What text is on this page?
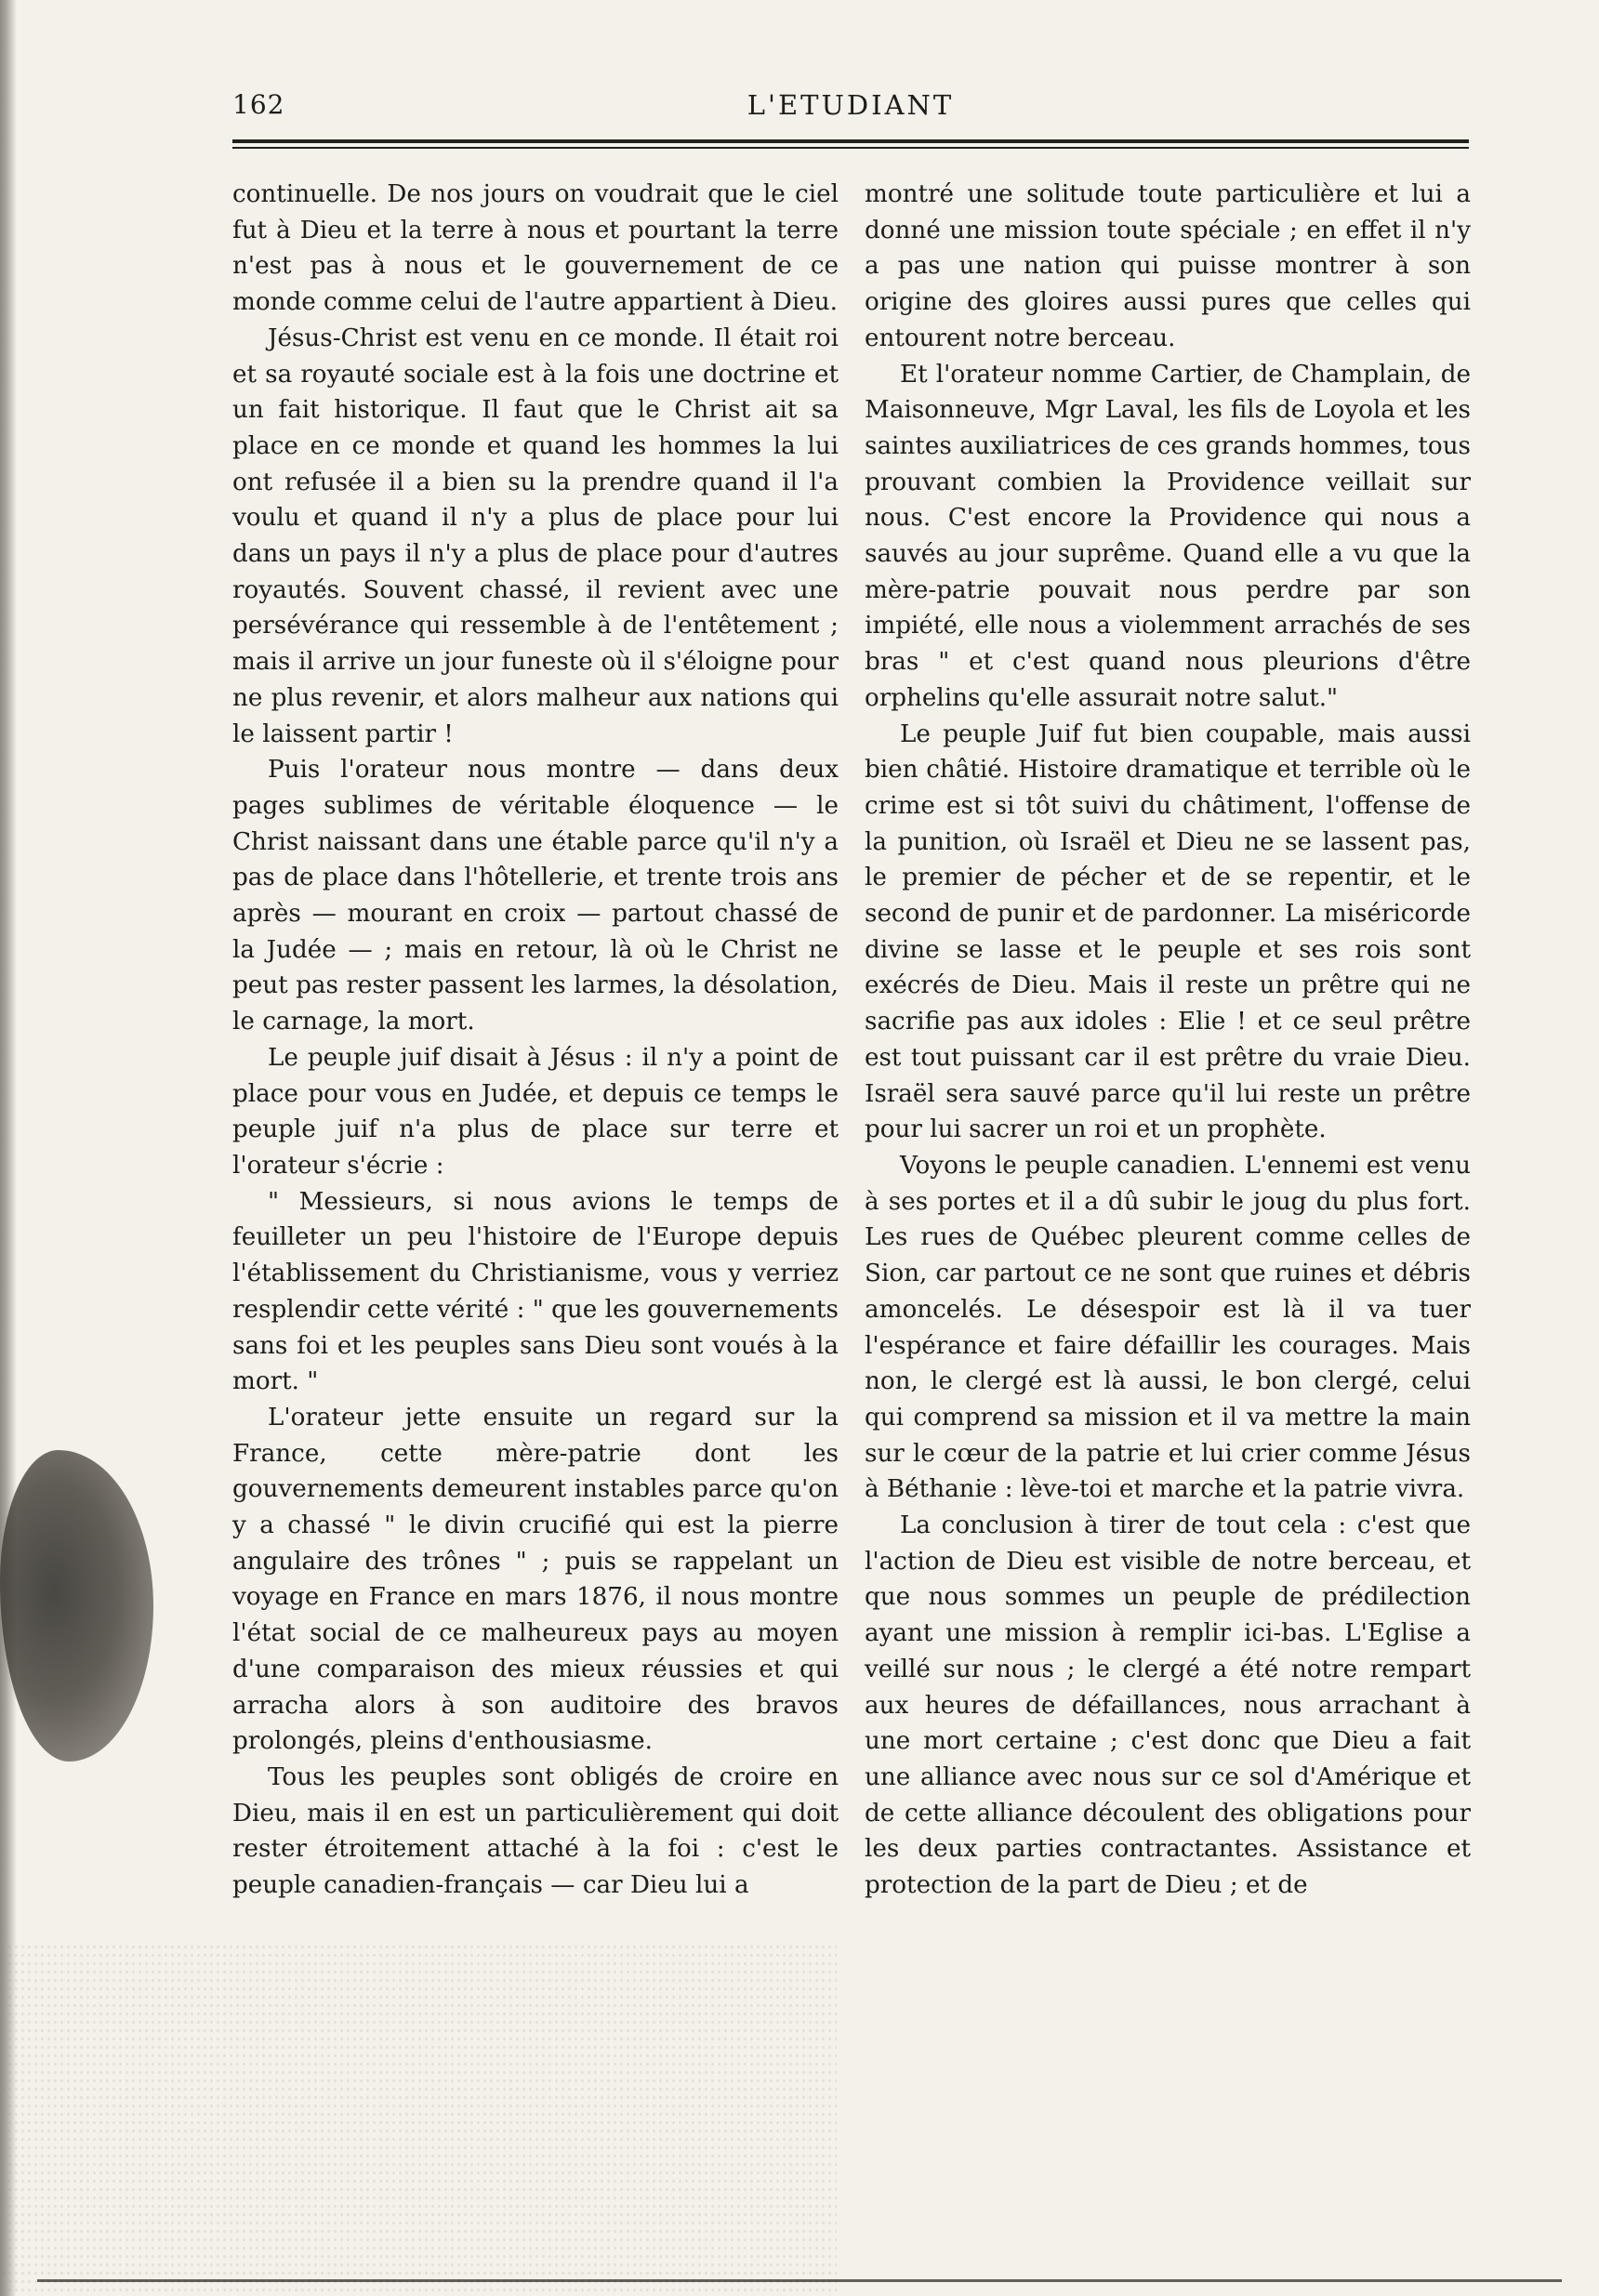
162	L'ETUDIANT

continuelle. De nos jours on voudrait que le ciel fut à Dieu et la terre à nous et pourtant la terre n'est pas à nous et le gouvernement de ce monde comme celui de l'autre appartient à Dieu.

Jésus-Christ est venu en ce monde. Il était roi et sa royauté sociale est à la fois une doctrine et un fait historique. Il faut que le Christ ait sa place en ce monde et quand les hommes la lui ont refusée il a bien su la prendre quand il l'a voulu et quand il n'y a plus de place pour lui dans un pays il n'y a plus de place pour d'autres royautés. Souvent chassé, il revient avec une persévérance qui ressemble à de l'entêtement ; mais il arrive un jour funeste où il s'éloigne pour ne plus revenir, et alors malheur aux nations qui le laissent partir !

Puis l'orateur nous montre — dans deux pages sublimes de véritable éloquence — le Christ naissant dans une étable parce qu'il n'y a pas de place dans l'hôtellerie, et trente trois ans après — mourant en croix — partout chassé de la Judée — ; mais en retour, là où le Christ ne peut pas rester passent les larmes, la désolation, le carnage, la mort.

Le peuple juif disait à Jésus : il n'y a point de place pour vous en Judée, et depuis ce temps le peuple juif n'a plus de place sur terre et l'orateur s'écrie :

" Messieurs, si nous avions le temps de feuilleter un peu l'histoire de l'Europe depuis l'établissement du Christianisme, vous y verriez resplendir cette vérité : " que les gouvernements sans foi et les peuples sans Dieu sont voués à la mort. "

L'orateur jette ensuite un regard sur la France, cette mère-patrie dont les gouvernements demeurent instables parce qu'on y a chassé " le divin crucifié qui est la pierre angulaire des trônes " ; puis se rappelant un voyage en France en mars 1876, il nous montre l'état social de ce malheureux pays au moyen d'une comparaison des mieux réussies et qui arracha alors à son auditoire des bravos prolongés, pleins d'enthousiasme.

Tous les peuples sont obligés de croire en Dieu, mais il en est un particulièrement qui doit rester étroitement attaché à la foi : c'est le peuple canadien-français — car Dieu lui a

montré une solitude toute particulière et lui a donné une mission toute spéciale ; en effet il n'y a pas une nation qui puisse montrer à son origine des gloires aussi pures que celles qui entourent notre berceau.

Et l'orateur nomme Cartier, de Champlain, de Maisonneuve, Mgr Laval, les fils de Loyola et les saintes auxiliatrices de ces grands hommes, tous prouvant combien la Providence veillait sur nous. C'est encore la Providence qui nous a sauvés au jour suprême. Quand elle a vu que la mère-patrie pouvait nous perdre par son impiété, elle nous a violemment arrachés de ses bras " et c'est quand nous pleurions d'être orphelins qu'elle assurait notre salut."

Le peuple Juif fut bien coupable, mais aussi bien châtié. Histoire dramatique et terrible où le crime est si tôt suivi du châtiment, l'offense de la punition, où Israël et Dieu ne se lassent pas, le premier de pécher et de se repentir, et le second de punir et de pardonner. La miséricorde divine se lasse et le peuple et ses rois sont exécrés de Dieu. Mais il reste un prêtre qui ne sacrifie pas aux idoles : Elie ! et ce seul prêtre est tout puissant car il est prêtre du vraie Dieu. Israël sera sauvé parce qu'il lui reste un prêtre pour lui sacrer un roi et un prophète.

Voyons le peuple canadien. L'ennemi est venu à ses portes et il a dû subir le joug du plus fort. Les rues de Québec pleurent comme celles de Sion, car partout ce ne sont que ruines et débris amoncelés. Le désespoir est là il va tuer l'espérance et faire défaillir les courages. Mais non, le clergé est là aussi, le bon clergé, celui qui comprend sa mission et il va mettre la main sur le cœur de la patrie et lui crier comme Jésus à Béthanie : lève-toi et marche et la patrie vivra.

La conclusion à tirer de tout cela : c'est que l'action de Dieu est visible de notre berceau, et que nous sommes un peuple de prédilection ayant une mission à remplir ici-bas. L'Eglise a veillé sur nous ; le clergé a été notre rempart aux heures de défaillances, nous arrachant à une mort certaine ; c'est donc que Dieu a fait une alliance avec nous sur ce sol d'Amérique et de cette alliance découlent des obligations pour les deux parties contractantes. Assistance et protection de la part de Dieu ; et de
